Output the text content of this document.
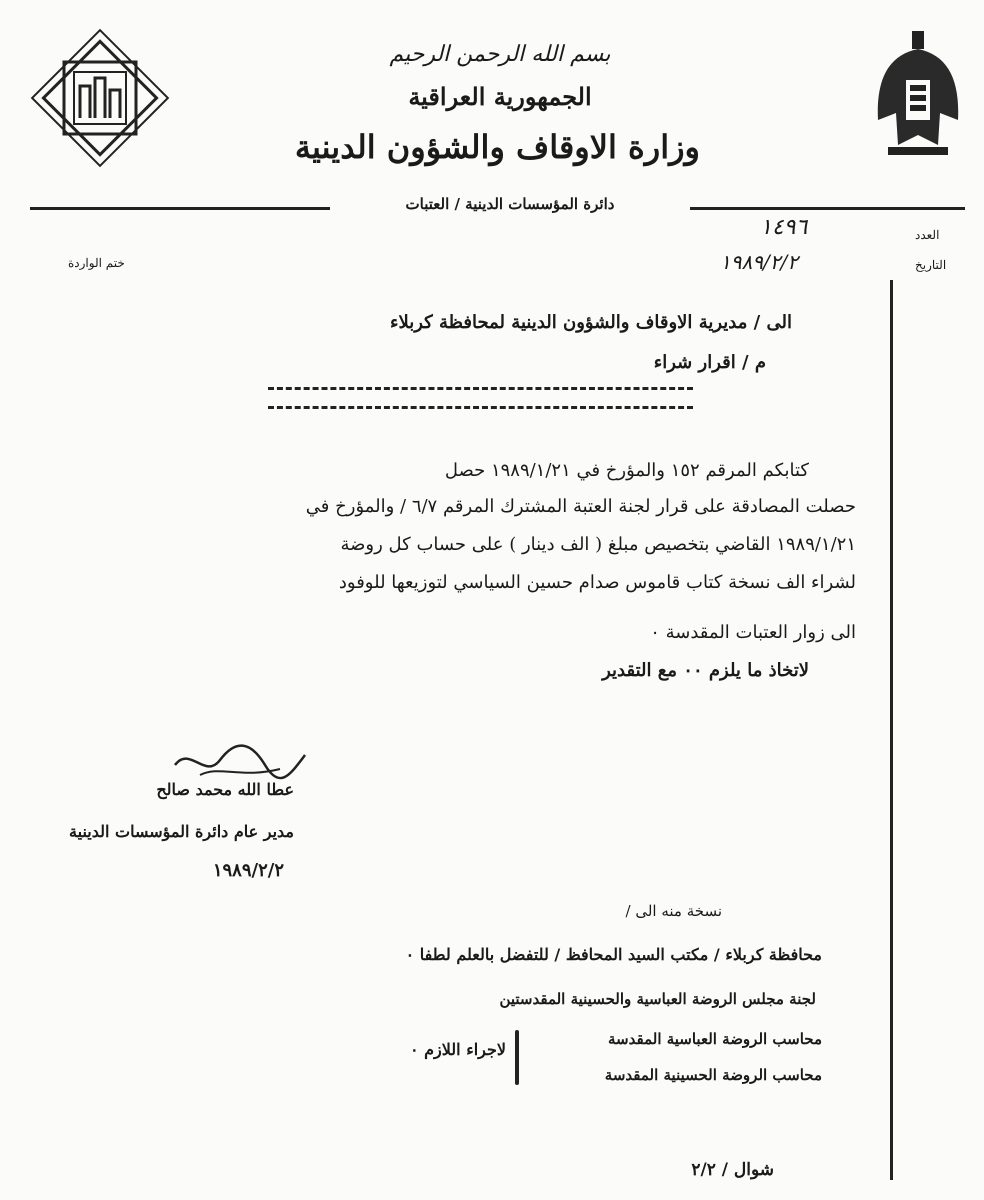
بسم الله الرحمن الرحيم
الجمهورية العراقية
وزارة الاوقاف والشؤون الدينية
دائرة المؤسسات الدينية / العتبات
العدد
التاريخ
١٤٩٦
١٩٨٩/٢/٢
ختم الواردة
الى / مديرية الاوقاف والشؤون الدينية لمحافظة كربلاء
م / اقرار شراء
كتابكم المرقم ١٥٢ والمؤرخ في ١٩٨٩/١/٢١ حصل
حصلت المصادقة على قرار لجنة العتبة المشترك المرقم ٦/٧ / والمؤرخ في
١٩٨٩/١/٢١ القاضي بتخصيص مبلغ ( الف دينار ) على حساب كل روضة
لشراء الف نسخة كتاب قاموس صدام حسين السياسي لتوزيعها للوفود
الى زوار العتبات المقدسة ٠
لاتخاذ ما يلزم ٠٠ مع التقدير
عطا الله محمد صالح
مدير عام دائرة المؤسسات الدينية
١٩٨٩/٢/٢
نسخة منه الى /
محافظة كربلاء / مكتب السيد المحافظ / للتفضل بالعلم لطفا ٠
لجنة مجلس الروضة العباسية والحسينية المقدستين
محاسب الروضة العباسية المقدسة
محاسب الروضة الحسينية المقدسة
لاجراء اللازم ٠
شوال / ٢/٢
